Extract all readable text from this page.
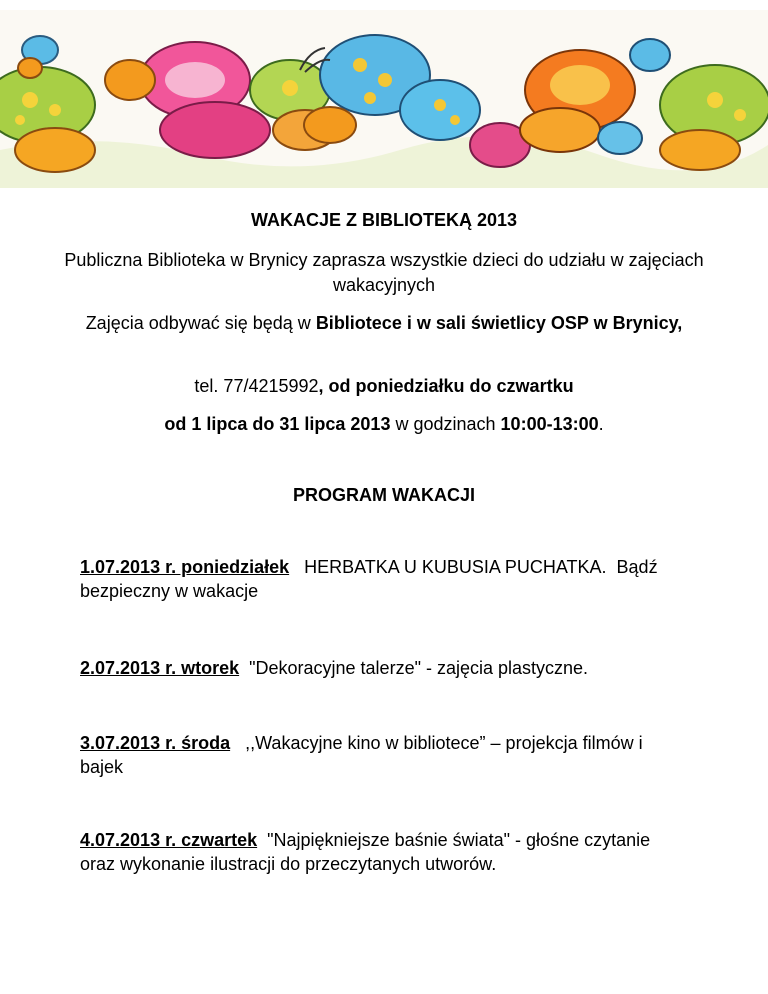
WAKACJE Z BIBLIOTEKĄ 2013
Publiczna Biblioteka w Brynicy zaprasza wszystkie dzieci do udziału w zajęciach wakacyjnych
Zajęcia odbywać się będą w Bibliotece i w sali świetlicy OSP w Brynicy,
tel. 77/4215992, od poniedziałku do czwartku
od 1 lipca do 31 lipca 2013 w godzinach 10:00-13:00.
PROGRAM WAKACJI
1.07.2013 r. poniedziałek   HERBATKA U KUBUSIA PUCHATKA.  Bądź bezpieczny w wakacje
2.07.2013 r. wtorek  "Dekoracyjne talerze" - zajęcia plastyczne.
3.07.2013 r. środa   ,,Wakacyjne kino w bibliotece” – projekcja filmów i bajek
4.07.2013 r. czwartek  "Najpiękniejsze baśnie świata" - głośne czytanie oraz wykonanie ilustracji do przeczytanych utworów.
